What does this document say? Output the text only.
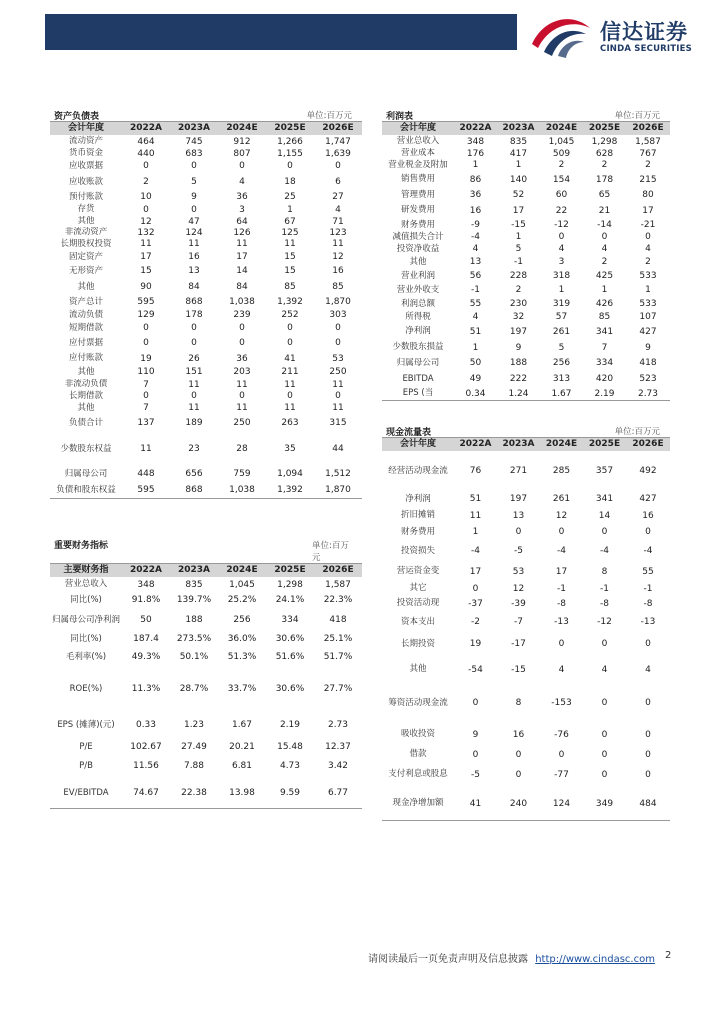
信达证券
CINDA SECURITIES
资产负债表	单位:百万元
会计年度	2022A	2023A	2024E	2025E	2026E
流动资产	464	745	912	1,266	1,747
货币资金	440	683	807	1,155	1,639
应收票据	0	0	0	0	0
应收账款	2	5	4	18	6
预付账款	10	9	36	25	27
存货	0	0	3	1	4
其他	12	47	64	67	71
非流动资产	132	124	126	125	123
长期股权投资	11	11	11	11	11
固定资产	17	16	17	15	12
无形资产	15	13	14	15	16
其他	90	84	84	85	85
资产总计	595	868	1,038	1,392	1,870
流动负债	129	178	239	252	303
短期借款	0	0	0	0	0
应付票据	0	0	0	0	0
应付账款	19	26	36	41	53
其他	110	151	203	211	250
非流动负债	7	11	11	11	11
长期借款	0	0	0	0	0
其他	7	11	11	11	11
负债合计	137	189	250	263	315
少数股东权益	11	23	28	35	44
归属母公司	448	656	759	1,094	1,512
负债和股东权益	595	868	1,038	1,392	1,870
利润表	单位:百万元
会计年度	2022A	2023A	2024E	2025E	2026E
营业总收入	348	835	1,045	1,298	1,587
营业成本	176	417	509	628	767
营业税金及附加	1	1	2	2	2
销售费用	86	140	154	178	215
管理费用	36	52	60	65	80
研发费用	16	17	22	21	17
财务费用	-9	-15	-12	-14	-21
减值损失合计	-4	1	0	0	0
投资净收益	4	5	4	4	4
其他	13	-1	3	2	2
营业利润	56	228	318	425	533
营业外收支	-1	2	1	1	1
利润总额	55	230	319	426	533
所得税	4	32	57	85	107
净利润	51	197	261	341	427
少数股东损益	1	9	5	7	9
归属母公司	50	188	256	334	418
EBITDA	49	222	313	420	523
EPS (当	0.34	1.24	1.67	2.19	2.73
重要财务指标	单位:百万元
主要财务指	2022A	2023A	2024E	2025E	2026E
营业总收入	348	835	1,045	1,298	1,587
同比(%)	91.8%	139.7%	25.2%	24.1%	22.3%
归属母公司净利润	50	188	256	334	418
同比(%)	187.4	273.5%	36.0%	30.6%	25.1%
毛利率(%)	49.3%	50.1%	51.3%	51.6%	51.7%
ROE(%)	11.3%	28.7%	33.7%	30.6%	27.7%
EPS (摊薄)(元)	0.33	1.23	1.67	2.19	2.73
P/E	102.67	27.49	20.21	15.48	12.37
P/B	11.56	7.88	6.81	4.73	3.42
EV/EBITDA	74.67	22.38	13.98	9.59	6.77
现金流量表	单位:百万元
会计年度	2022A	2023A	2024E	2025E	2026E
经营活动现金流	76	271	285	357	492
净利润	51	197	261	341	427
折旧摊销	11	13	12	14	16
财务费用	1	0	0	0	0
投资损失	-4	-5	-4	-4	-4
营运资金变	17	53	17	8	55
其它	0	12	-1	-1	-1
投资活动现	-37	-39	-8	-8	-8
资本支出	-2	-7	-13	-12	-13
长期投资	19	-17	0	0	0
其他	-54	-15	4	4	4
筹资活动现金流	0	8	-153	0	0
吸收投资	9	16	-76	0	0
借款	0	0	0	0	0
支付利息或股息	-5	0	-77	0	0
现金净增加额	41	240	124	349	484
请阅读最后一页免责声明及信息披露 http://www.cindasc.com 2
